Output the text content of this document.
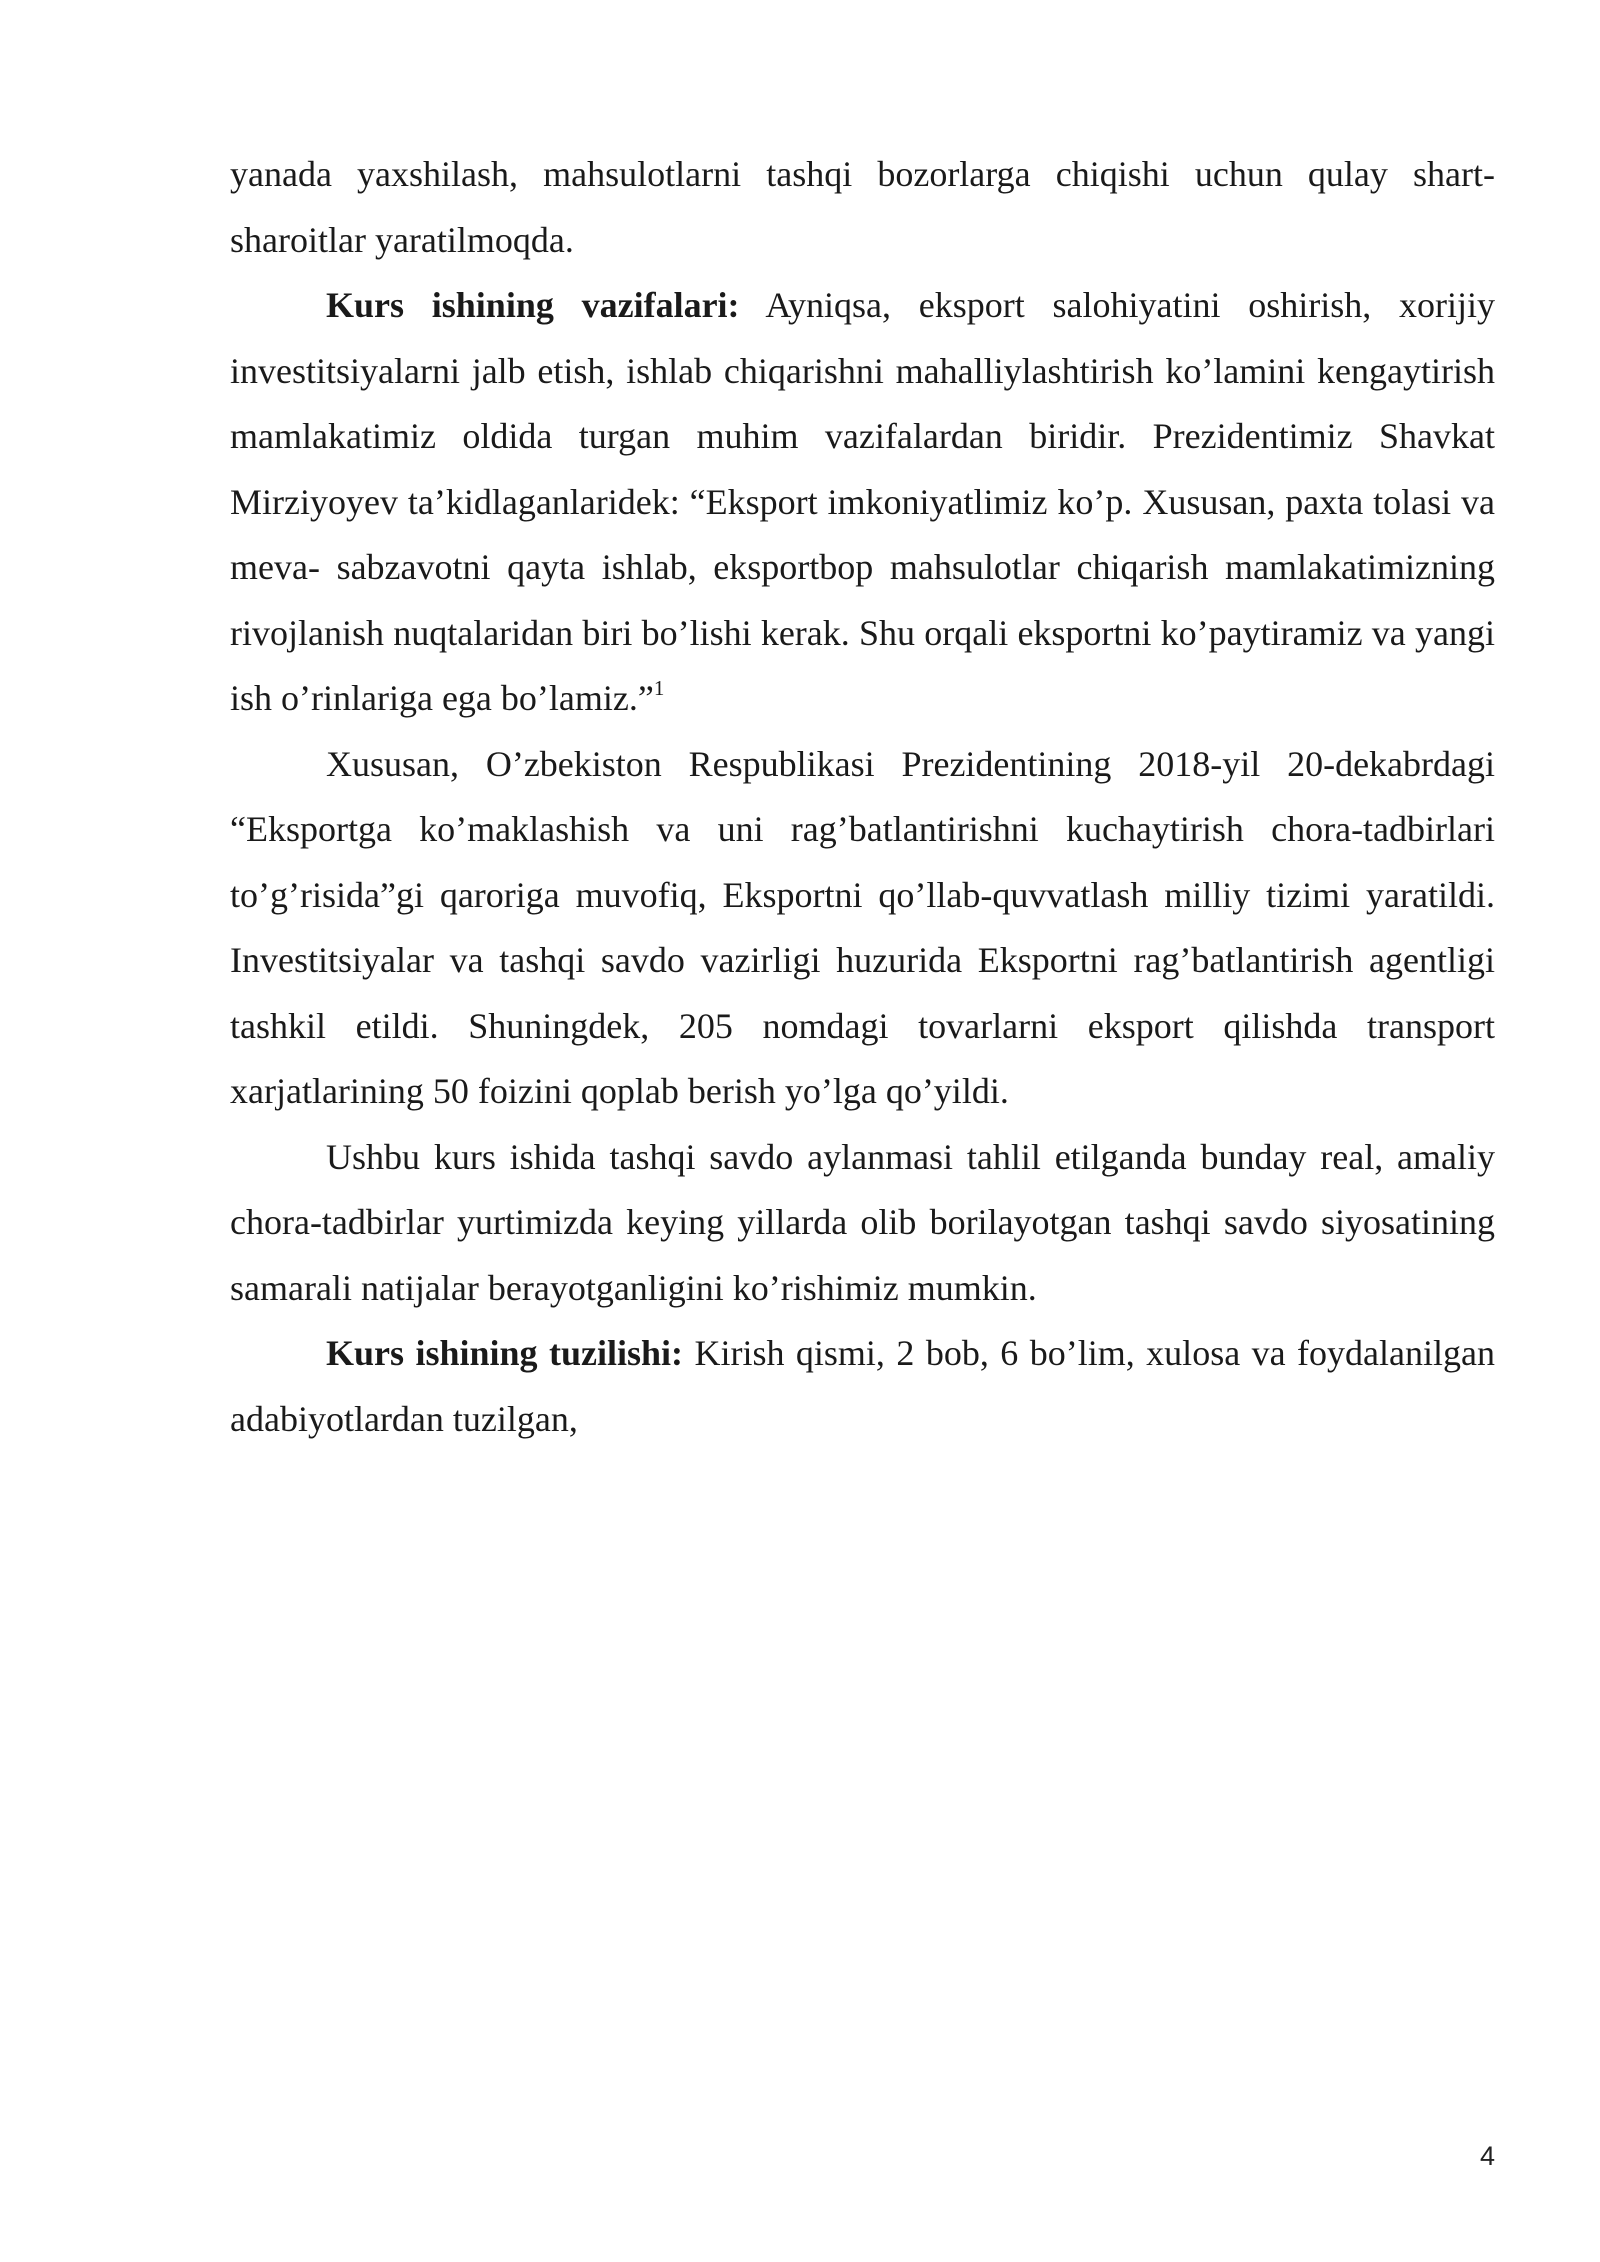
yanada yaxshilash, mahsulotlarni tashqi bozorlarga chiqishi uchun qulay shart-sharoitlar yaratilmoqda.

Kurs ishining vazifalari: Ayniqsa, eksport salohiyatini oshirish, xorijiy investitsiyalarni jalb etish, ishlab chiqarishni mahalliylashtirish ko’lamini kengaytirish mamlakatimiz oldida turgan muhim vazifalardan biridir. Prezidentimiz Shavkat Mirziyoyev ta’kidlaganlaridek: “Eksport imkoniyatlimiz ko’p. Xususan, paxta tolasi va meva- sabzavotni qayta ishlab, eksportbop mahsulotlar chiqarish mamlakatimizning rivojlanish nuqtalaridan biri bo’lishi kerak. Shu orqali eksportni ko’paytiramiz va yangi ish o’rinlariga ega bo’lamiz.”$^1$

Xususan, O’zbekiston Respublikasi Prezidentining 2018-yil 20-dekabrdagi “Eksportga ko’maklashish va uni rag’batlantirishni kuchaytirish chora-tadbirlari to’g’risida”gi qaroriga muvofiq, Eksportni qo’llab-quvvatlash milliy tizimi yaratildi. Investitsiyalar va tashqi savdo vazirligi huzurida Eksportni rag’batlantirish agentligi tashkil etildi. Shuningdek, 205 nomdagi tovarlarni eksport qilishda transport xarjatlarining 50 foizini qoplab berish yo’lga qo’yildi.

Ushbu kurs ishida tashqi savdo aylanmasi tahlil etilganda bunday real, amaliy chora-tadbirlar yurtimizda keying yillarda olib borilayotgan tashqi savdo siyosatining samarali natijalar berayotganligini ko’rishimiz mumkin.

Kurs ishining tuzilishi: Kirish qismi, 2 bob, 6 bo’lim, xulosa va foydalanilgan adabiyotlardan tuzilgan,

4
